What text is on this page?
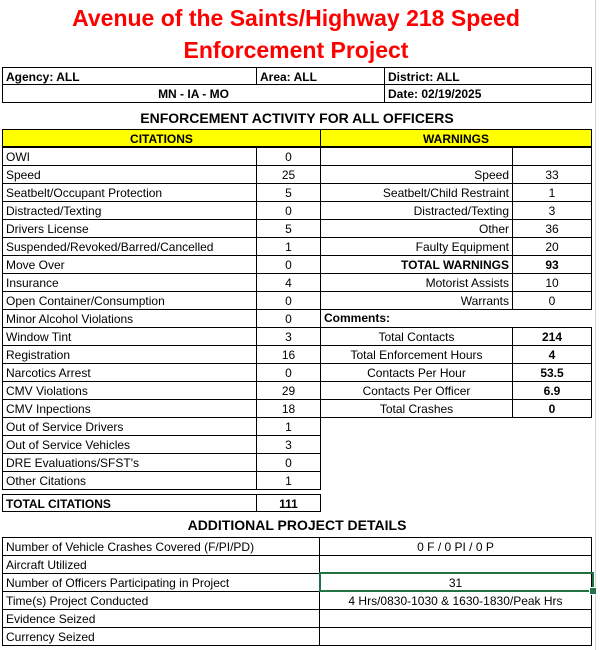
Avenue of the Saints/Highway 218 Speed
Enforcement Project
Agency: ALL	Area: ALL	District: ALL
MN - IA - MO	Date: 02/19/2025
ENFORCEMENT ACTIVITY FOR ALL OFFICERS
CITATIONS	WARNINGS
OWI	0
Speed	25
Seatbelt/Occupant Protection	5
Distracted/Texting	0
Drivers License	5
Suspended/Revoked/Barred/Cancelled	1
Move Over	0
Insurance	4
Open Container/Consumption	0
Minor Alcohol Violations	0
Window Tint	3
Registration	16
Narcotics Arrest	0
CMV Violations	29
CMV Inpections	18
Out of Service Drivers	1
Out of Service Vehicles	3
DRE Evaluations/SFST's	0
Other Citations	1
TOTAL CITATIONS	111
Speed	33
Seatbelt/Child Restraint	1
Distracted/Texting	3
Other	36
Faulty Equipment	20
TOTAL WARNINGS	93
Motorist Assists	10
Warrants	0
Comments:
Total Contacts	214
Total Enforcement Hours	4
Contacts Per Hour	53.5
Contacts Per Officer	6.9
Total Crashes	0
ADDITIONAL PROJECT DETAILS
Number of Vehicle Crashes Covered (F/PI/PD)	0 F / 0 PI / 0 P
Aircraft Utilized
Number of Officers Participating in Project	31
Time(s) Project Conducted	4 Hrs/0830-1030 & 1630-1830/Peak Hrs
Evidence Seized
Currency Seized
